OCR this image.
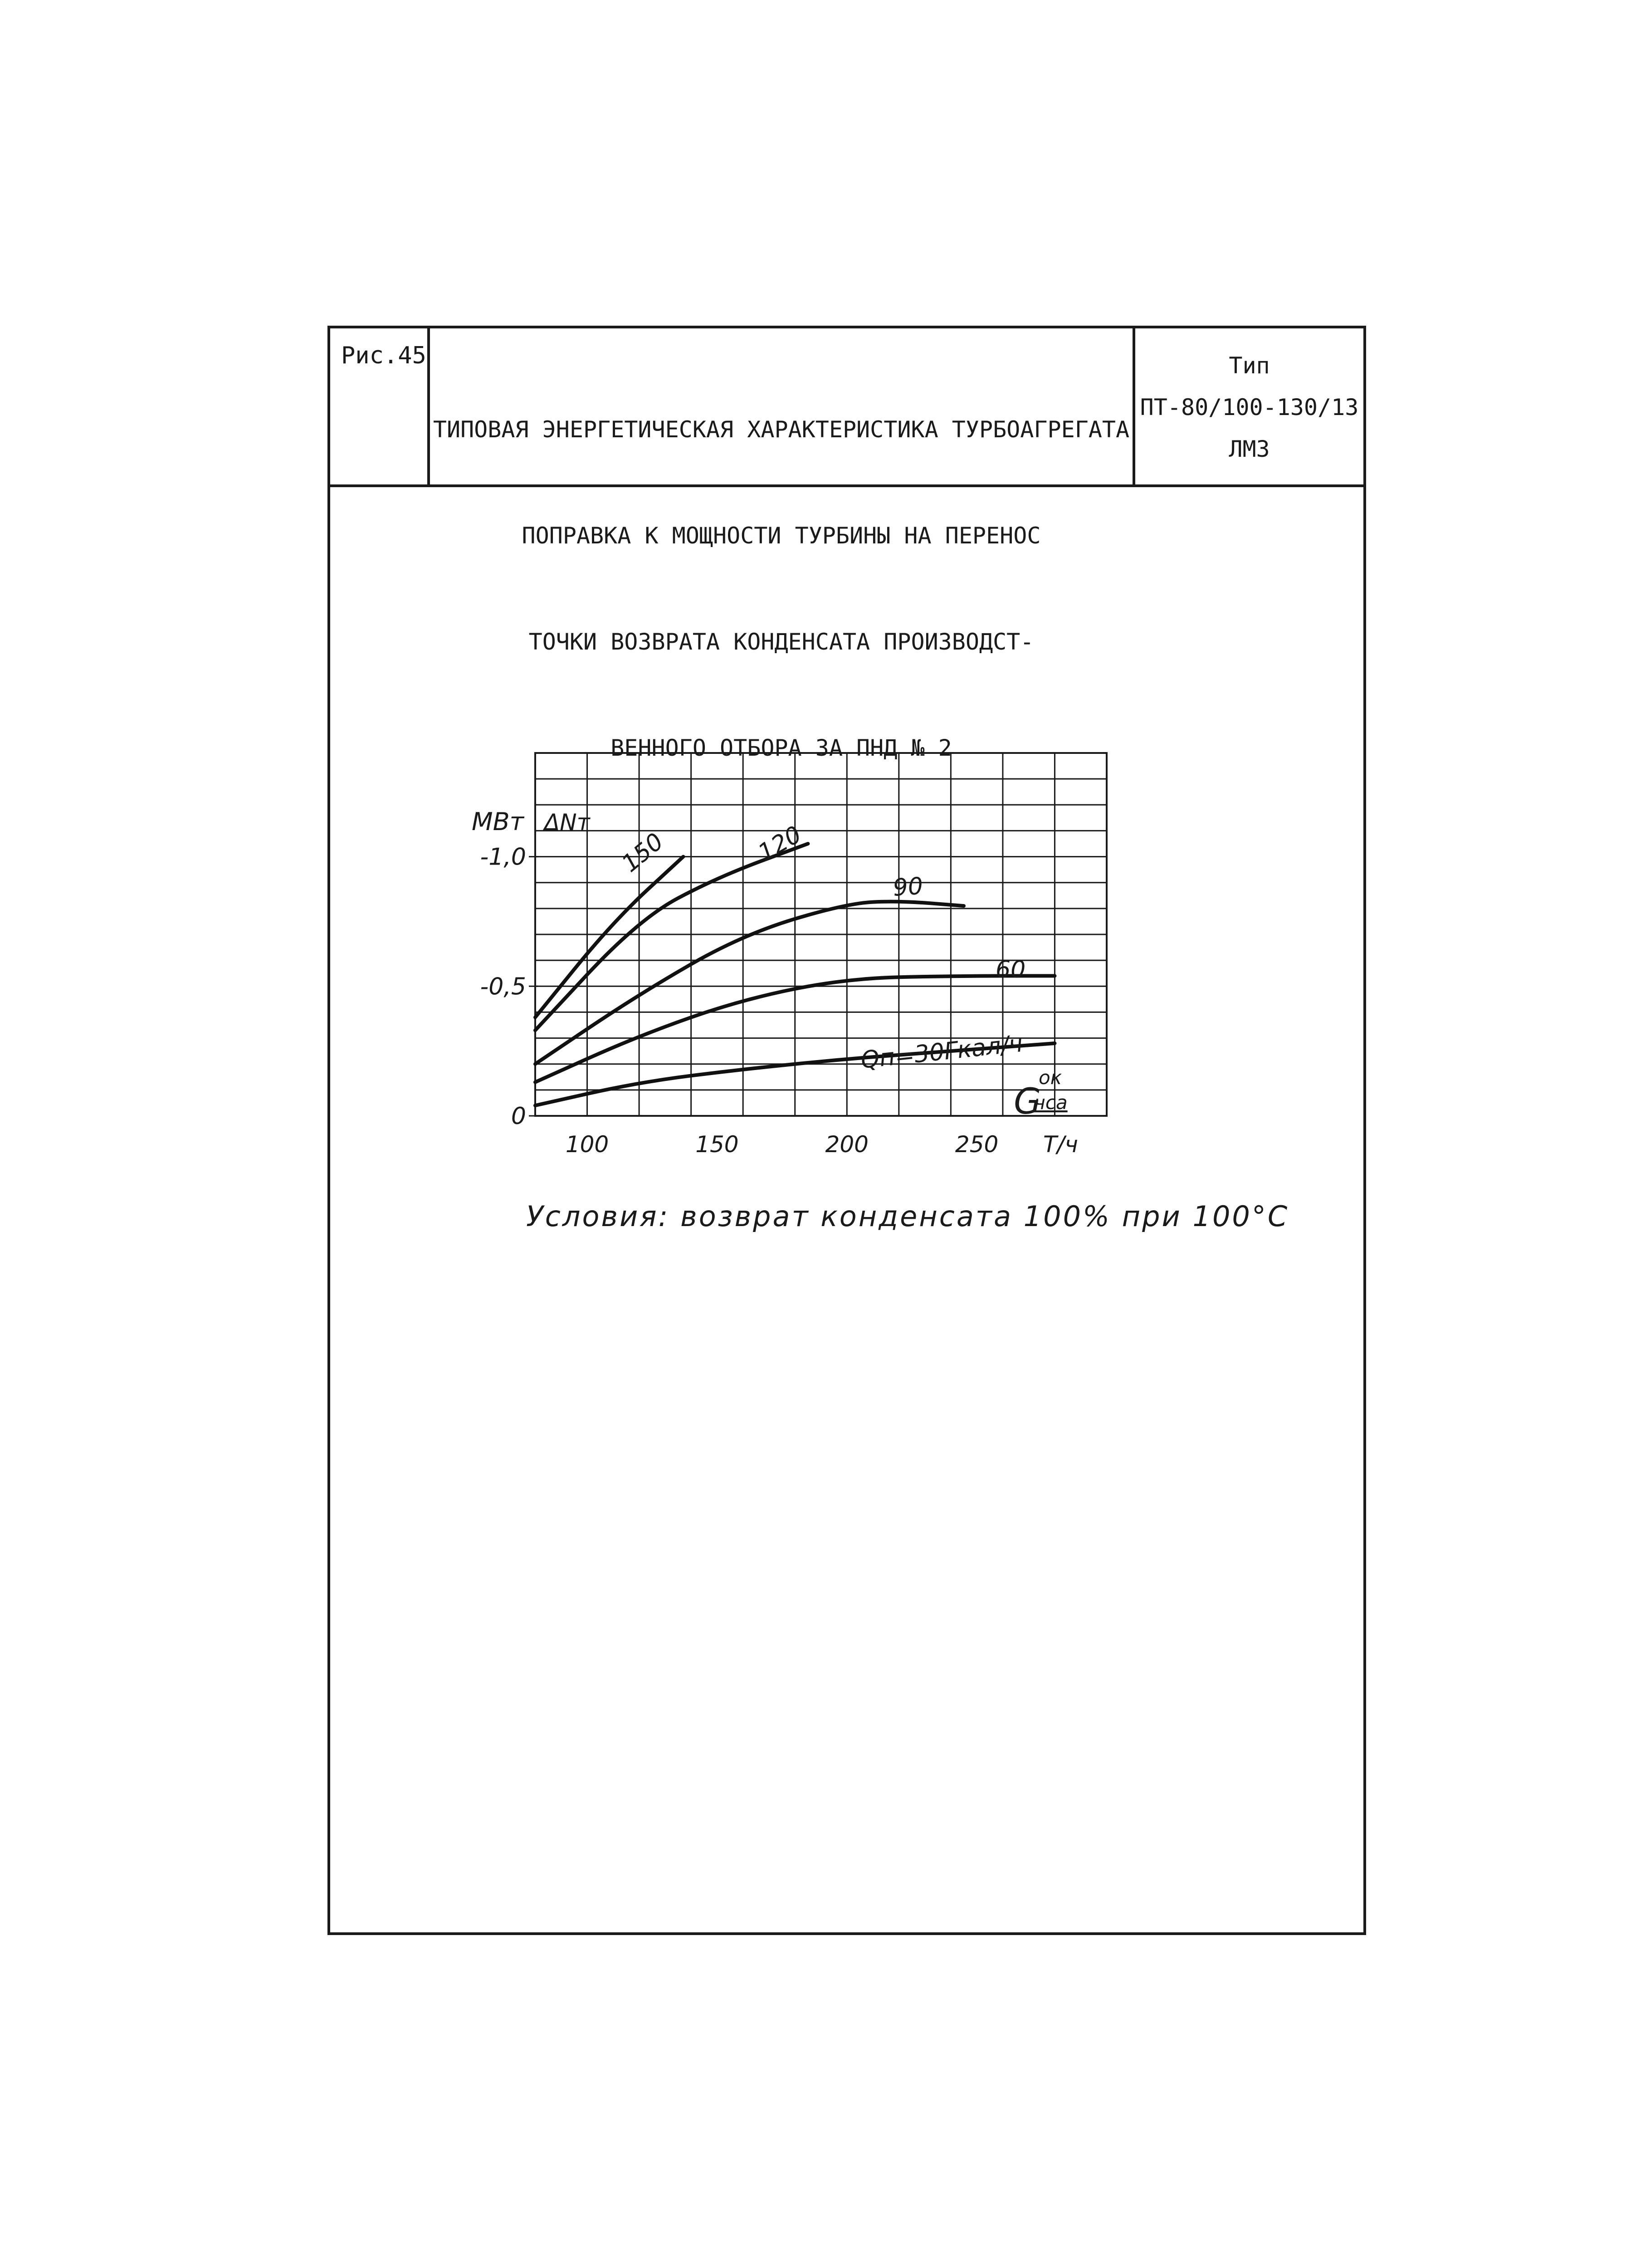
Рис.45

ТИПОВАЯ ЭНЕРГЕТИЧЕСКАЯ ХАРАКТЕРИСТИКА ТУРБОАГРЕГАТА

ПОПРАВКА К МОЩНОСТИ ТУРБИНЫ НА ПЕРЕНОС

ТОЧКИ ВОЗВРАТА КОНДЕНСАТА ПРОИЗВОДСТ-

ВЕННОГО ОТБОРА ЗА ПНД № 2

Тип
ПТ-80/100-130/13
ЛМЗ
Qп=30Гкал/ч
60
90
120
150
0
-0,5
-1,0
100	150	200	250
МВт ΔNт
G
ок
чса
Т/ч
Условия: возврат конденсата 100% при 100°С
